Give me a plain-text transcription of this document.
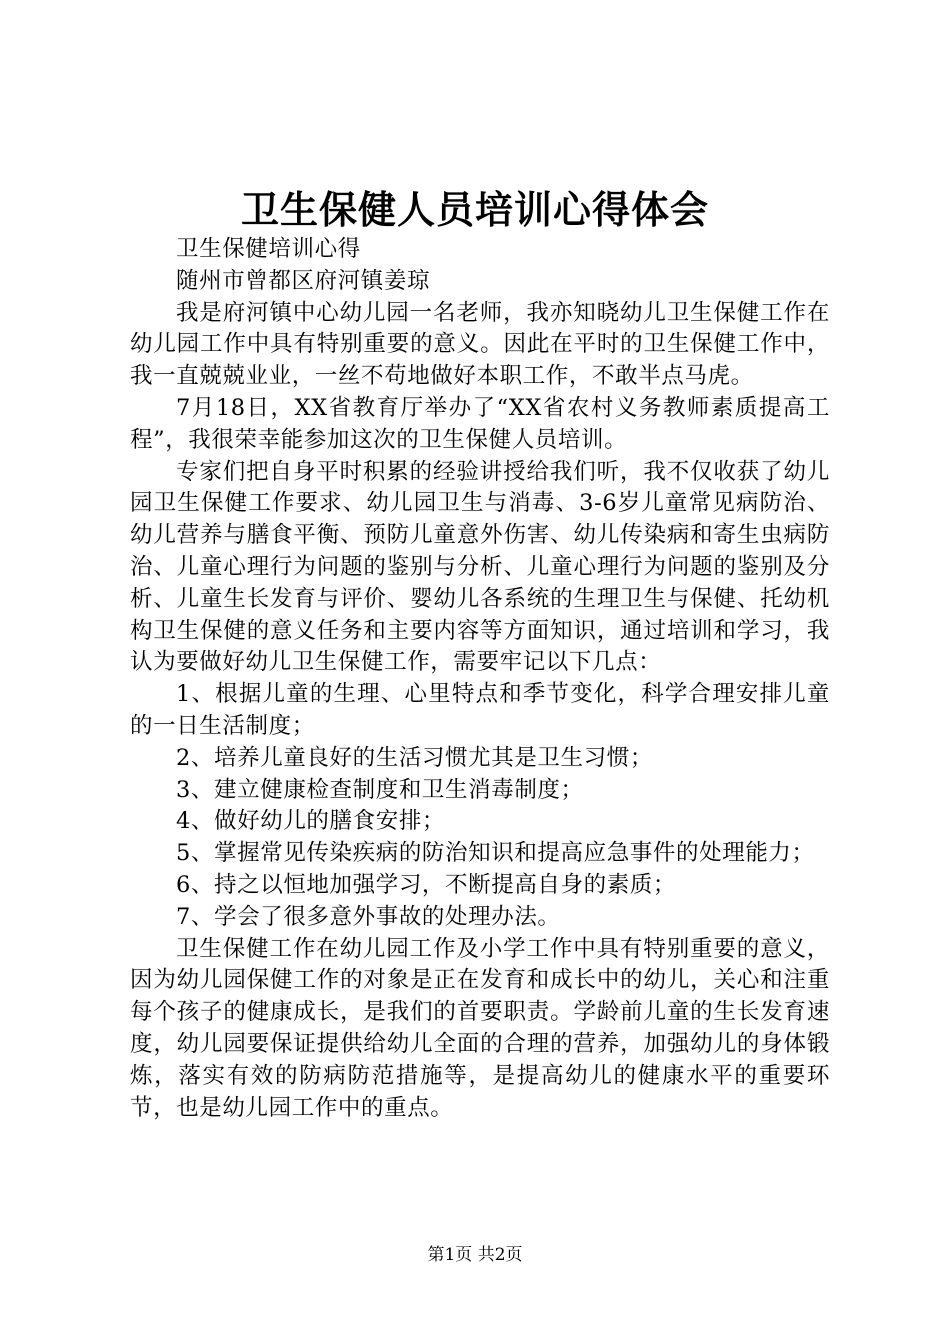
卫生保健人员培训心得体会

卫生保健培训心得

随州市曾都区府河镇姜琼

我是府河镇中心幼儿园一名老师，我亦知晓幼儿卫生保健工作在幼儿园工作中具有特别重要的意义。因此在平时的卫生保健工作中，我一直兢兢业业，一丝不苟地做好本职工作，不敢半点马虎。

7月18日，XX省教育厅举办了“XX省农村义务教师素质提高工程”，我很荣幸能参加这次的卫生保健人员培训。

专家们把自身平时积累的经验讲授给我们听，我不仅收获了幼儿园卫生保健工作要求、幼儿园卫生与消毒、3-6岁儿童常见病防治、幼儿营养与膳食平衡、预防儿童意外伤害、幼儿传染病和寄生虫病防治、儿童心理行为问题的鉴别与分析、儿童心理行为问题的鉴别及分析、儿童生长发育与评价、婴幼儿各系统的生理卫生与保健、托幼机构卫生保健的意义任务和主要内容等方面知识，通过培训和学习，我认为要做好幼儿卫生保健工作，需要牢记以下几点：

1、根据儿童的生理、心里特点和季节变化，科学合理安排儿童的一日生活制度；

2、培养儿童良好的生活习惯尤其是卫生习惯；

3、建立健康检查制度和卫生消毒制度；

4、做好幼儿的膳食安排；

5、掌握常见传染疾病的防治知识和提高应急事件的处理能力；

6、持之以恒地加强学习，不断提高自身的素质；

7、学会了很多意外事故的处理办法。

卫生保健工作在幼儿园工作及小学工作中具有特别重要的意义，因为幼儿园保健工作的对象是正在发育和成长中的幼儿，关心和注重每个孩子的健康成长，是我们的首要职责。学龄前儿童的生长发育速度，幼儿园要保证提供给幼儿全面的合理的营养，加强幼儿的身体锻炼，落实有效的防病防范措施等，是提高幼儿的健康水平的重要环节，也是幼儿园工作中的重点。

第1页 共2页
